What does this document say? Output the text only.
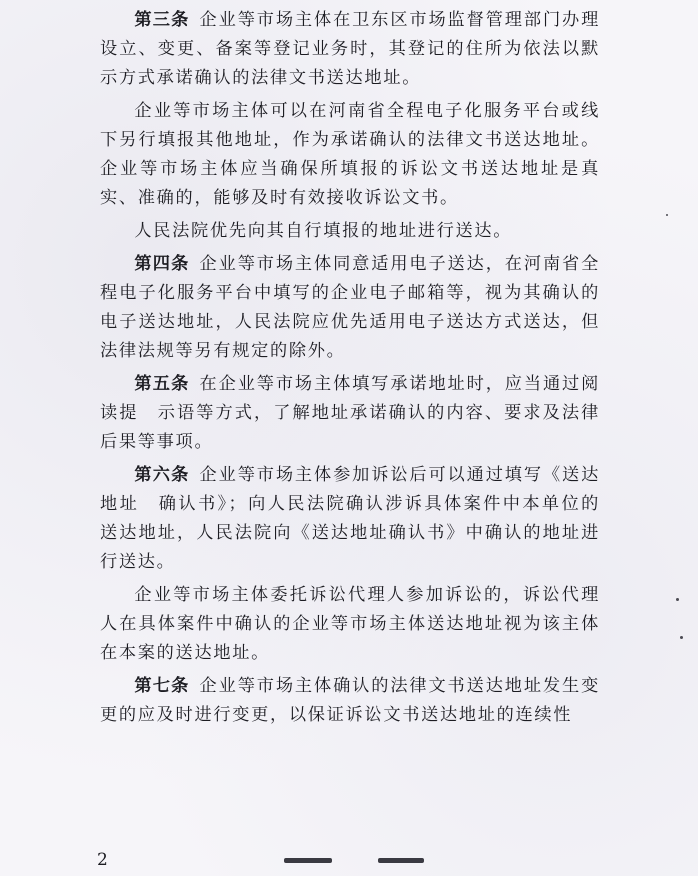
第三条 企业等市场主体在卫东区市场监督管理部门办理设立、变更、备案等登记业务时，其登记的住所为依法以默示方式承诺确认的法律文书送达地址。

企业等市场主体可以在河南省全程电子化服务平台或线下另行填报其他地址，作为承诺确认的法律文书送达地址。企业等市场主体应当确保所填报的诉讼文书送达地址是真实、准确的，能够及时有效接收诉讼文书。

人民法院优先向其自行填报的地址进行送达。

第四条 企业等市场主体同意适用电子送达，在河南省全程电子化服务平台中填写的企业电子邮箱等，视为其确认的电子送达地址，人民法院应优先适用电子送达方式送达，但法律法规等另有规定的除外。

第五条 在企业等市场主体填写承诺地址时，应当通过阅读提　示语等方式，了解地址承诺确认的内容、要求及法律后果等事项。

第六条 企业等市场主体参加诉讼后可以通过填写《送达地址　确认书》；向人民法院确认涉诉具体案件中本单位的送达地址，人民法院向《送达地址确认书》中确认的地址进行送达。

企业等市场主体委托诉讼代理人参加诉讼的，诉讼代理人在具体案件中确认的企业等市场主体送达地址视为该主体在本案的送达地址。

第七条 企业等市场主体确认的法律文书送达地址发生变更的应及时进行变更，以保证诉讼文书送达地址的连续性

2
